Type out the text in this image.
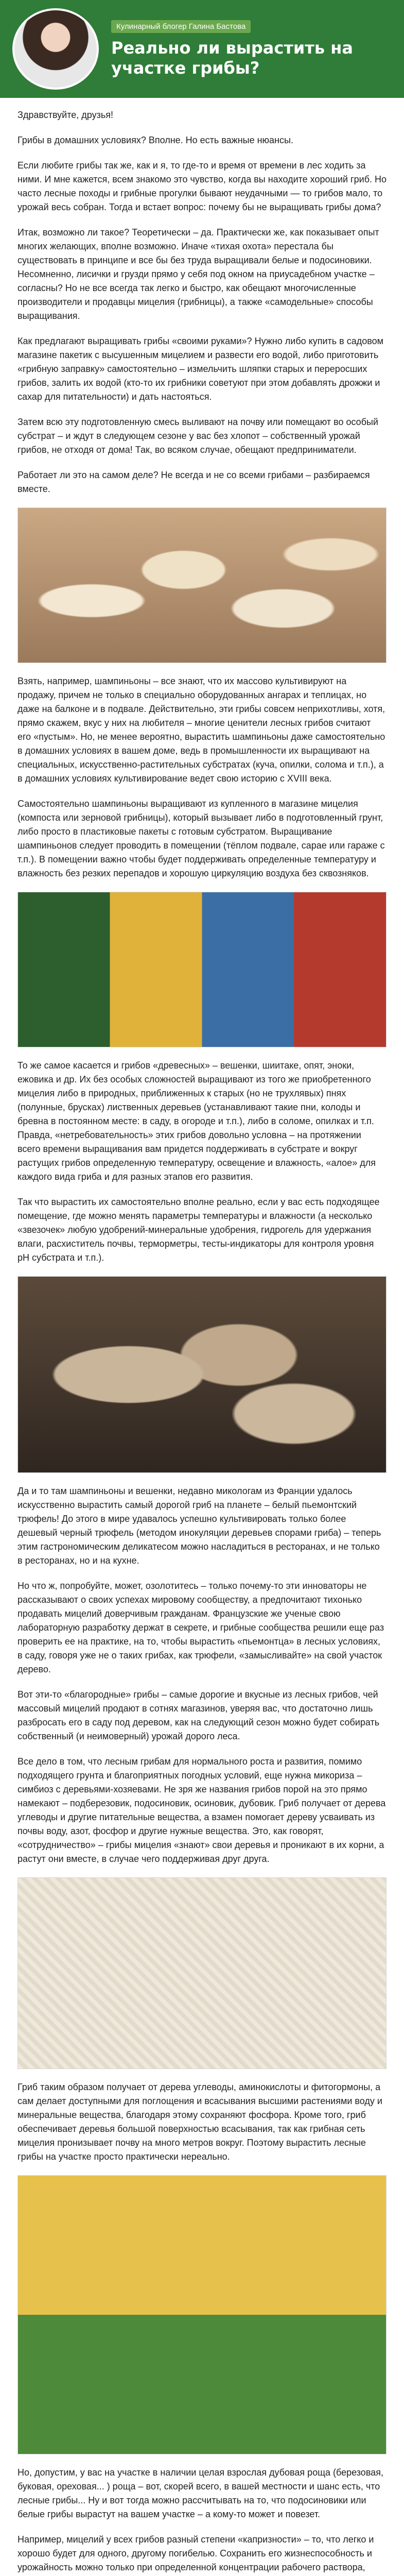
Кулинарный блогер Галина Бастова
Реально ли вырастить на участке грибы?

Здравствуйте, друзья!

Грибы в домашних условиях? Вполне. Но есть важные нюансы.

Если любите грибы так же, как и я, то где-то и время от времени в лес ходить за ними. И мне кажется, всем знакомо это чувство, когда вы находите хороший гриб. Но часто лесные походы и грибные прогулки бывают неудачными — то грибов мало, то урожай весь собран. Тогда и встает вопрос: почему бы не выращивать грибы дома?

Итак, возможно ли такое? Теоретически – да. Практически же, как показывает опыт многих желающих, вполне возможно. Иначе «тихая охота» перестала бы существовать в принципе и все бы без труда выращивали белые и подосиновики. Несомненно, лисички и грузди прямо у себя под окном на приусадебном участке – согласны? Но не все всегда так легко и быстро, как обещают многочисленные производители и продавцы мицелия (грибницы), а также «самодельные» способы выращивания.

Как предлагают выращивать грибы «своими руками»? Нужно либо купить в садовом магазине пакетик с высушенным мицелием и развести его водой, либо приготовить «грибную заправку» самостоятельно – измельчить шляпки старых и переросших грибов, залить их водой (кто-то их грибники советуют при этом добавлять дрожжи и сахар для питательности) и дать настояться.

Затем всю эту подготовленную смесь выливают на почву или помещают во особый субстрат – и ждут в следующем сезоне у вас без хлопот – собственный урожай грибов, не отходя от дома! Так, во всяком случае, обещают предприниматели.

Работает ли это на самом деле? Не всегда и не со всеми грибами – разбираемся вместе.

Взять, например, шампиньоны – все знают, что их массово культивируют на продажу, причем не только в специально оборудованных ангарах и теплицах, но даже на балконе и в подвале. Действительно, эти грибы совсем неприхотливы, хотя, прямо скажем, вкус у них на любителя – многие ценители лесных грибов считают его «пустым». Но, не менее вероятно, вырастить шампиньоны даже самостоятельно в домашних условиях в вашем доме, ведь в промышленности их выращивают на специальных, искусственно-растительных субстратах (куча, опилки, солома и т.п.), а в домашних условиях культивирование ведет свою историю с XVIII века.

Самостоятельно шампиньоны выращивают из купленного в магазине мицелия (компоста или зерновой грибницы), который вызывает либо в подготовленный грунт, либо просто в пластиковые пакеты с готовым субстратом. Выращивание шампиньонов следует проводить в помещении (тёплом подвале, сарае или гараже с т.п.). В помещении важно чтобы будет поддерживать определенные температуру и влажность без резких перепадов и хорошую циркуляцию воздуха без сквозняков.

То же самое касается и грибов «древесных» – вешенки, шиитаке, опят, эноки, ежовика и др. Их без особых сложностей выращивают из того же приобретенного мицелия либо в природных, приближенных к старых (но не трухлявых) пнях (полунные, брусках) лиственных деревьев (устанавливают такие пни, колоды и бревна в постоянном месте: в саду, в огороде и т.п.), либо в соломе, опилках и т.п. Правда, «нетребовательность» этих грибов довольно условна – на протяжении всего времени выращивания вам придется поддерживать в субстрате и вокруг растущих грибов определенную температуру, освещение и влажность, «алое» для каждого вида гриба и для разных этапов его развития.

Так что вырастить их самостоятельно вполне реально, если у вас есть подходящее помещение, где можно менять параметры температуры и влажности (а несколько «звезочек» любую удобрений-минеральные удобрения, гидрогель для удержания влаги, расхиститель почвы, терморметры, тесты-индикаторы для контроля уровня pH субстрата и т.п.).

Да и то там шампиньоны и вешенки, недавно микологам из Франции удалось искусственно вырастить самый дорогой гриб на планете – белый пьемонтский трюфель! До этого в мире удавалось успешно культивировать только более дешевый черный трюфель (методом инокуляции деревьев спорами гриба) – теперь этим гастрономическим деликатесом можно насладиться в ресторанах, и не только в ресторанах, но и на кухне.

Но что ж, попробуйте, может, озолотитесь – только почему-то эти инноваторы не рассказывают о своих успехах мировому сообществу, а предпочитают тихонько продавать мицелий доверчивым гражданам. Французские же ученые свою лабораторную разработку держат в секрете, и грибные сообщества решили еще раз проверить ее на практике, на то, чтобы вырастить «пьемонтца» в лесных условиях, в саду, говоря уже не о таких грибах, как трюфели, «замысливайте» на свой участок дерево.

Вот эти-то «благородные» грибы – самые дорогие и вкусные из лесных грибов, чей массовый мицелий продают в сотнях магазинов, уверяя вас, что достаточно лишь разбросать его в саду под деревом, как на следующий сезон можно будет собирать собственный (и неимоверный) урожай дорого леса.

Все дело в том, что лесным грибам для нормального роста и развития, помимо подходящего грунта и благоприятных погодных условий, еще нужна микориза – симбиоз с деревьями-хозяевами. Не зря же названия грибов порой на это прямо намекают – подберезовик, подосиновик, осиновик, дубовик. Гриб получает от дерева углеводы и другие питательные вещества, а взамен помогает дереву усваивать из почвы воду, азот, фосфор и другие нужные вещества. Это, как говорят, «сотрудничество» – грибы мицелия «знают» свои деревья и проникают в их корни, а растут они вместе, в случае чего поддерживая друг друга.

Гриб таким образом получает от дерева углеводы, аминокислоты и фитогормоны, а сам делает доступными для поглощения и всасывания высшими растениями воду и минеральные вещества, благодаря этому сохраняют фосфора. Кроме того, гриб обеспечивает деревья большой поверхностью всасывания, так как грибная сеть мицелия пронизывает почву на много метров вокруг. Поэтому вырастить лесные грибы на участке просто практически нереально.

Но, допустим, у вас на участке в наличии целая взрослая дубовая роща (березовая, буковая, ореховая... ) роща – вот, скорей всего, в вашей местности и шанс есть, что лесные грибы... Ну и вот тогда можно рассчитывать на то, что подосиновики или белые грибы вырастут на вашем участке – а кому-то может и повезет.

Например, мицелий у всех грибов разный степени «капризности» – то, что легко и хорошо будет для одного, другому погибелью. Сохранить его жизнеспособность и урожайность можно только при определенной концентрации рабочего раствора,
